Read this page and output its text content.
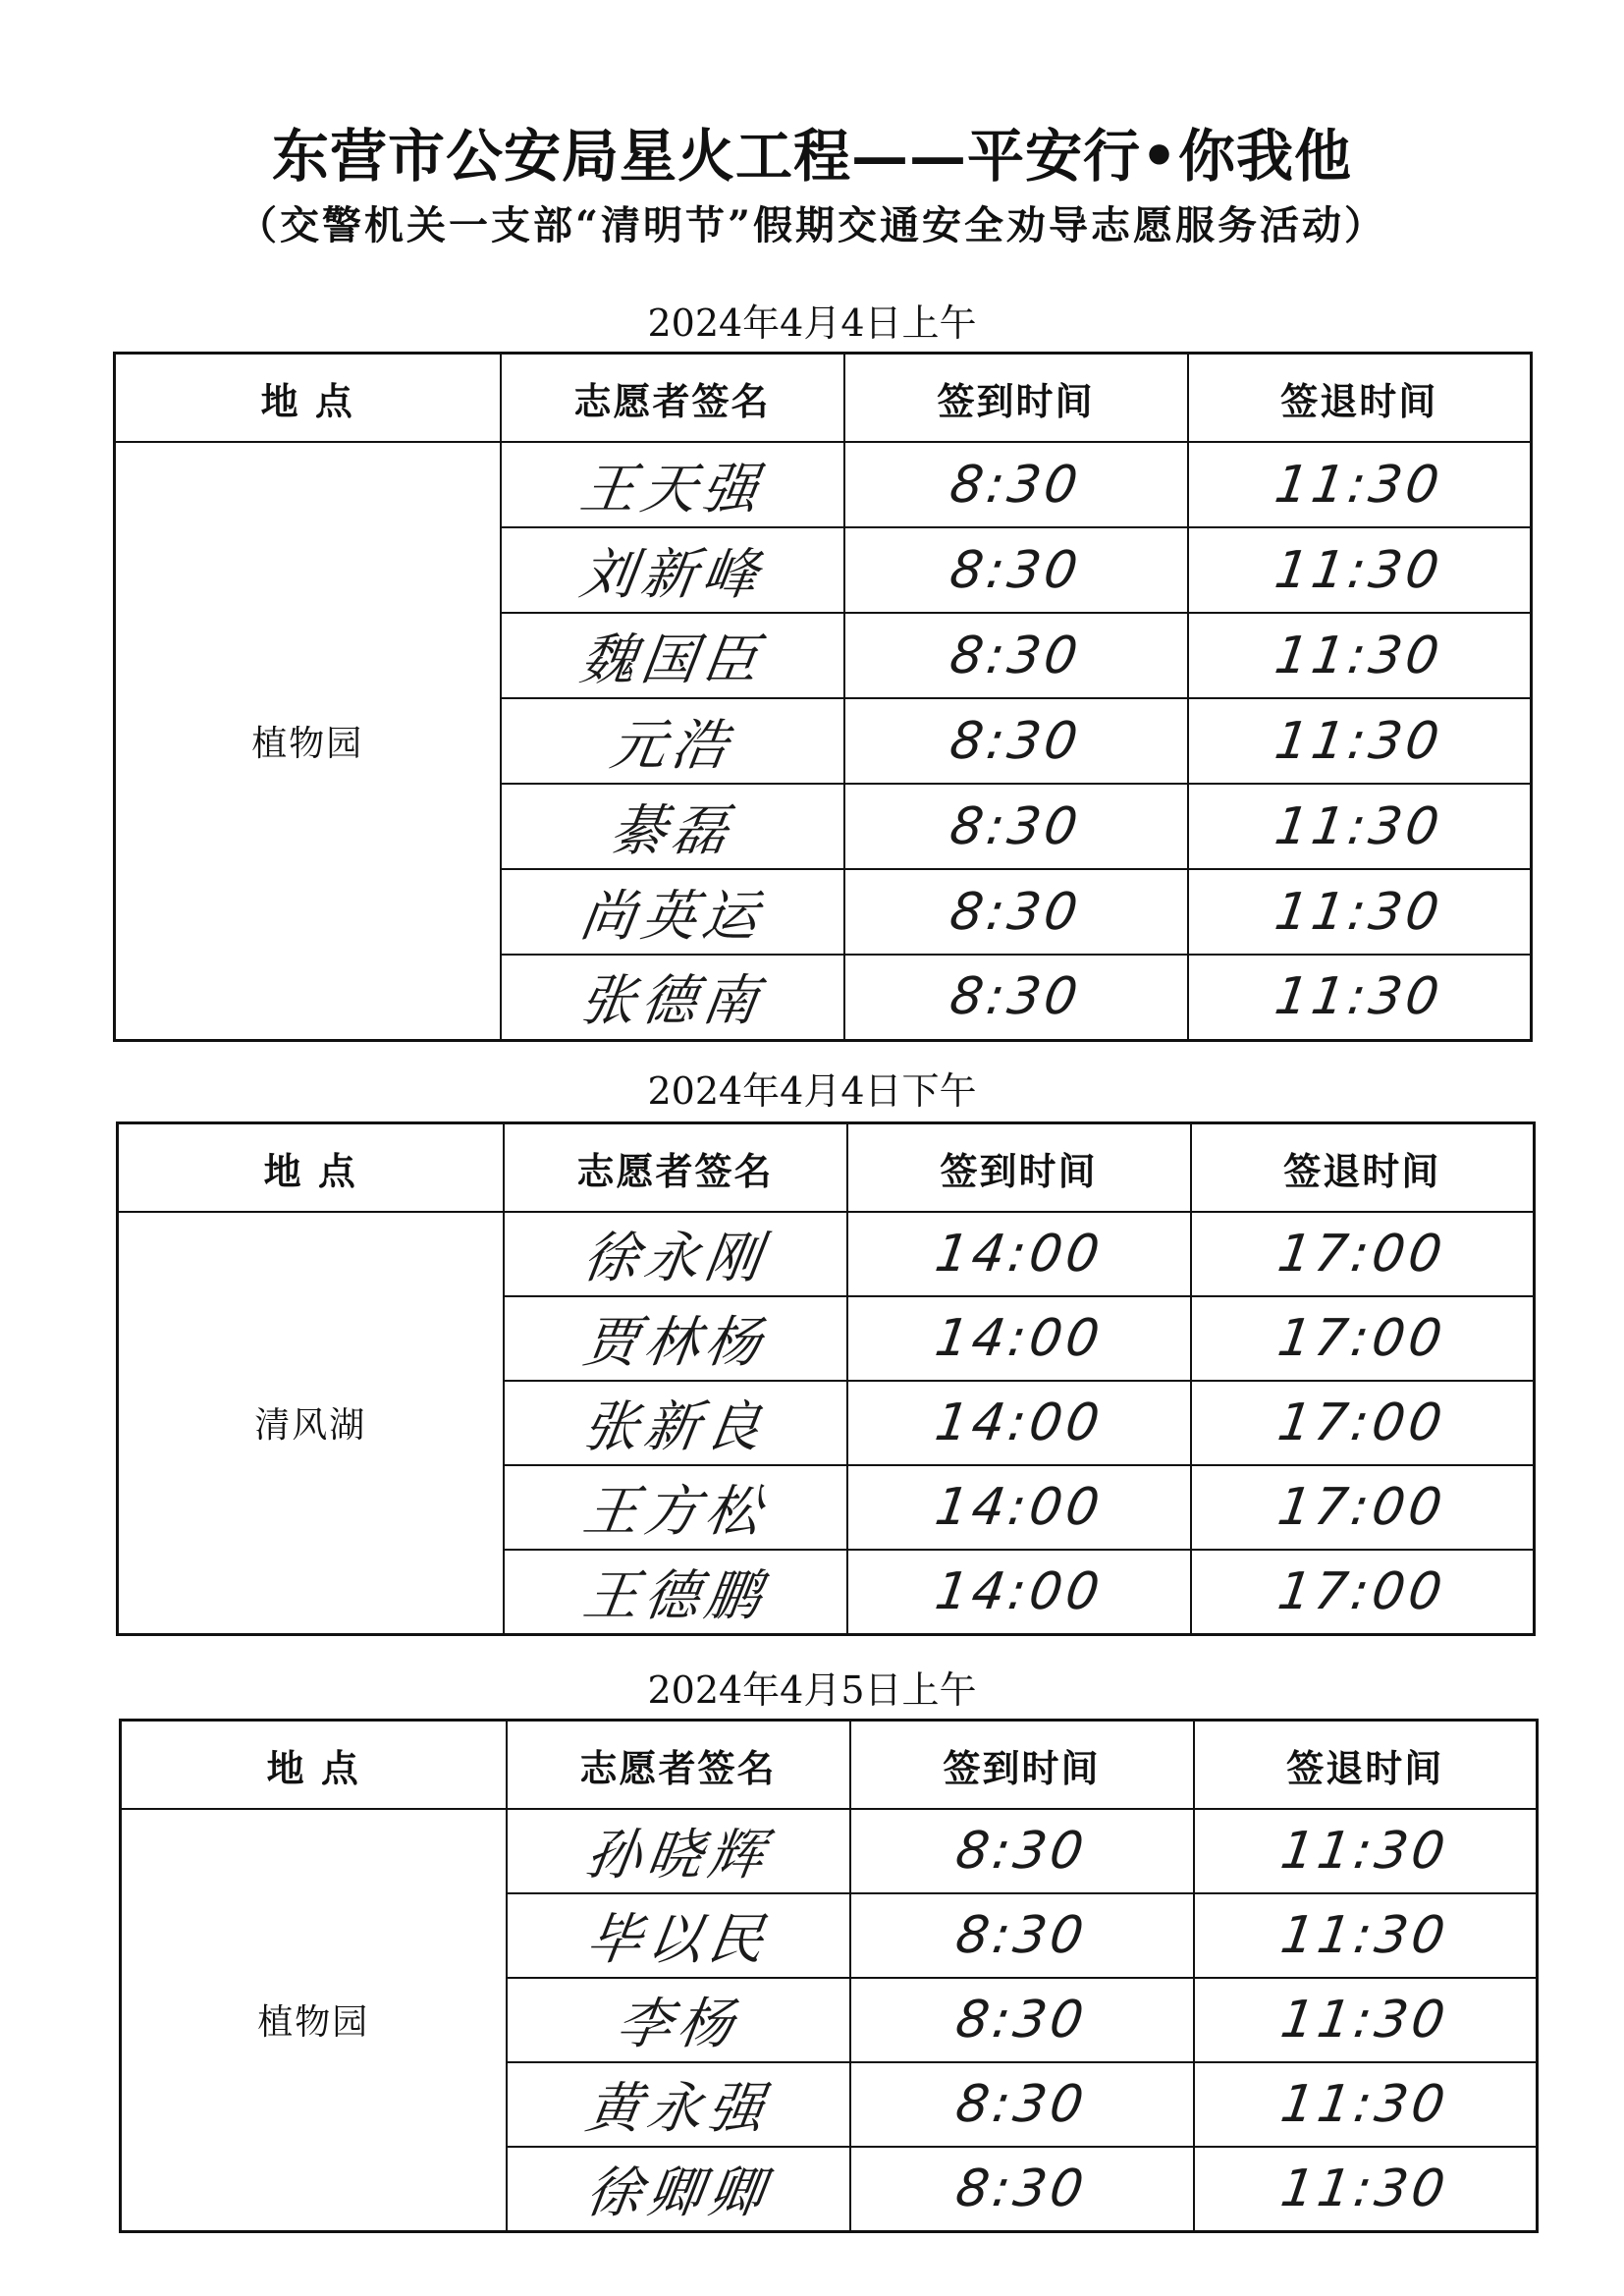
东营市公安局星火工程——平安行•你我他
（交警机关一支部“清明节”假期交通安全劝导志愿服务活动）
2024年4月4日上午
地 点	志愿者签名	签到时间	签退时间
植物园	王天强	8:30	11:30
	刘新峰	8:30	11:30
	魏国臣	8:30	11:30
	元浩	8:30	11:30
	綦磊	8:30	11:30
	尚英运	8:30	11:30
	张德南	8:30	11:30
2024年4月4日下午
地 点	志愿者签名	签到时间	签退时间
清风湖	徐永刚	14:00	17:00
	贾林杨	14:00	17:00
	张新良	14:00	17:00
	王方松	14:00	17:00
	王德鹏	14:00	17:00
2024年4月5日上午
地 点	志愿者签名	签到时间	签退时间
植物园	孙晓辉	8:30	11:30
	毕以民	8:30	11:30
	李杨	8:30	11:30
	黄永强	8:30	11:30
	徐卿卿	8:30	11:30
